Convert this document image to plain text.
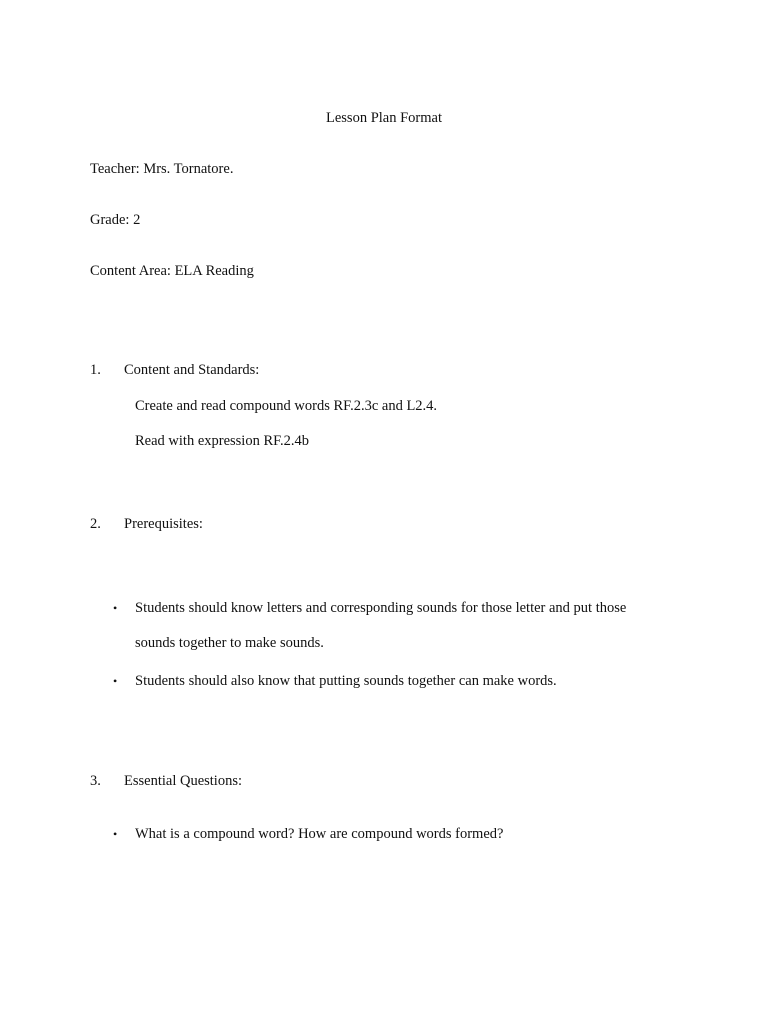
Lesson Plan Format
Teacher: Mrs. Tornatore.
Grade: 2
Content Area: ELA Reading
1. Content and Standards:
Create and read compound words RF.2.3c and L2.4.
Read with expression RF.2.4b
2. Prerequisites:
• Students should know letters and corresponding sounds for those letter and put those
sounds together to make sounds.
• Students should also know that putting sounds together can make words.
3. Essential Questions:
• What is a compound word? How are compound words formed?
